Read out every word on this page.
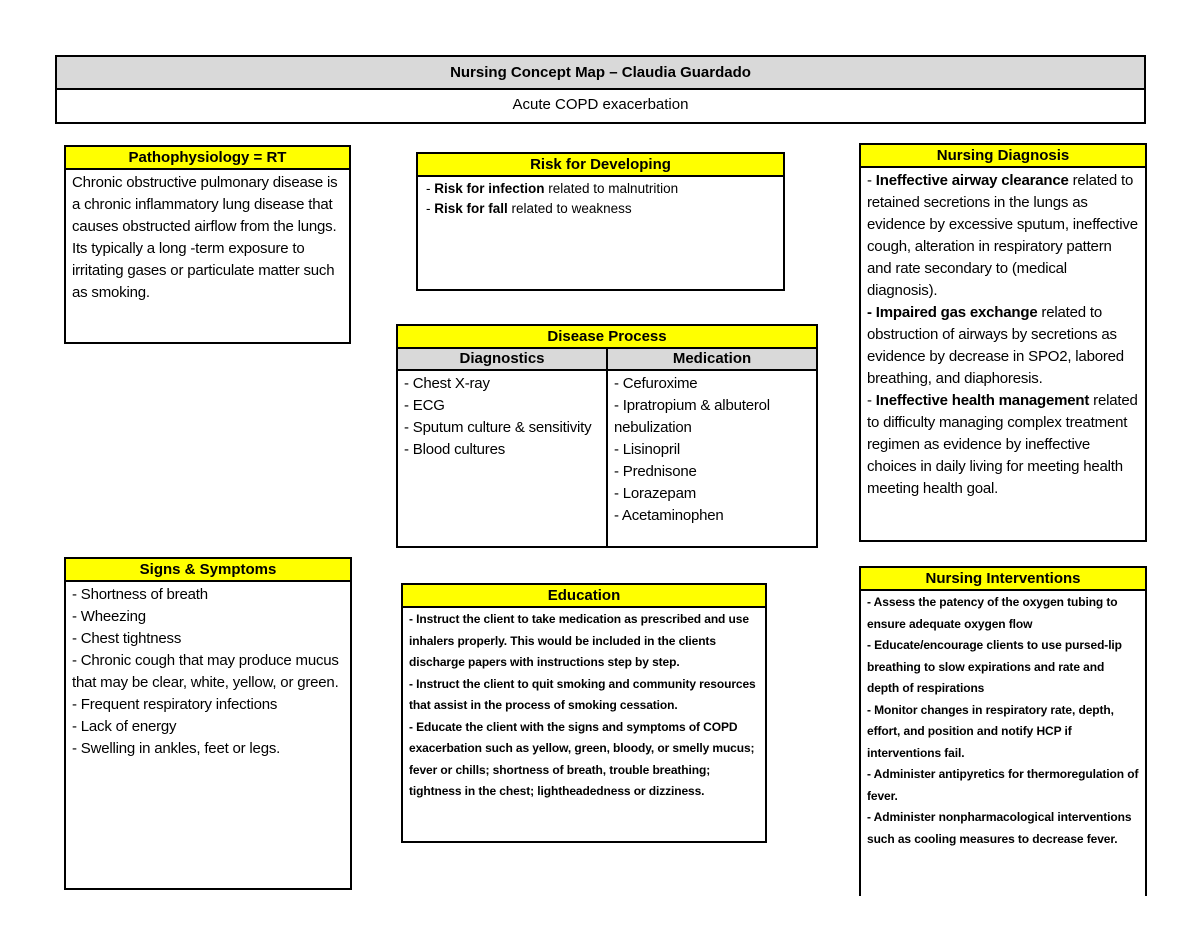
Nursing Concept Map – Claudia Guardado
Acute COPD exacerbation
Pathophysiology = RT
Chronic obstructive pulmonary disease is a chronic inflammatory lung disease that causes obstructed airflow from the lungs. Its typically a long -term exposure to irritating gases or particulate matter such as smoking.
Risk for Developing
- Risk for infection related to malnutrition
- Risk for fall related to weakness
Disease Process
Diagnostics
- Chest X-ray
- ECG
- Sputum culture & sensitivity
- Blood cultures
Medication
- Cefuroxime
- Ipratropium & albuterol nebulization
- Lisinopril
- Prednisone
- Lorazepam
- Acetaminophen
Nursing Diagnosis
- Ineffective airway clearance related to retained secretions in the lungs as evidence by excessive sputum, ineffective cough, alteration in respiratory pattern and rate secondary to (medical diagnosis).
- Impaired gas exchange related to obstruction of airways by secretions as evidence by decrease in SPO2, labored breathing, and diaphoresis.
- Ineffective health management related to difficulty managing complex treatment regimen as evidence by ineffective choices in daily living for meeting health meeting health goal.
Signs & Symptoms
- Shortness of breath
- Wheezing
- Chest tightness
- Chronic cough that may produce mucus that may be clear, white, yellow, or green.
- Frequent respiratory infections
- Lack of energy
- Swelling in ankles, feet or legs.
Education
- Instruct the client to take medication as prescribed and use inhalers properly. This would be included in the clients discharge papers with instructions step by step.
- Instruct the client to quit smoking and community resources that assist in the process of smoking cessation.
- Educate the client with the signs and symptoms of COPD exacerbation such as yellow, green, bloody, or smelly mucus; fever or chills; shortness of breath, trouble breathing; tightness in the chest; lightheadedness or dizziness.
Nursing Interventions
- Assess the patency of the oxygen tubing to ensure adequate oxygen flow
- Educate/encourage clients to use pursed-lip breathing to slow expirations and rate and depth of respirations
- Monitor changes in respiratory rate, depth, effort, and position and notify HCP if interventions fail.
- Administer antipyretics for thermoregulation of fever.
- Administer nonpharmacological interventions such as cooling measures to decrease fever.
